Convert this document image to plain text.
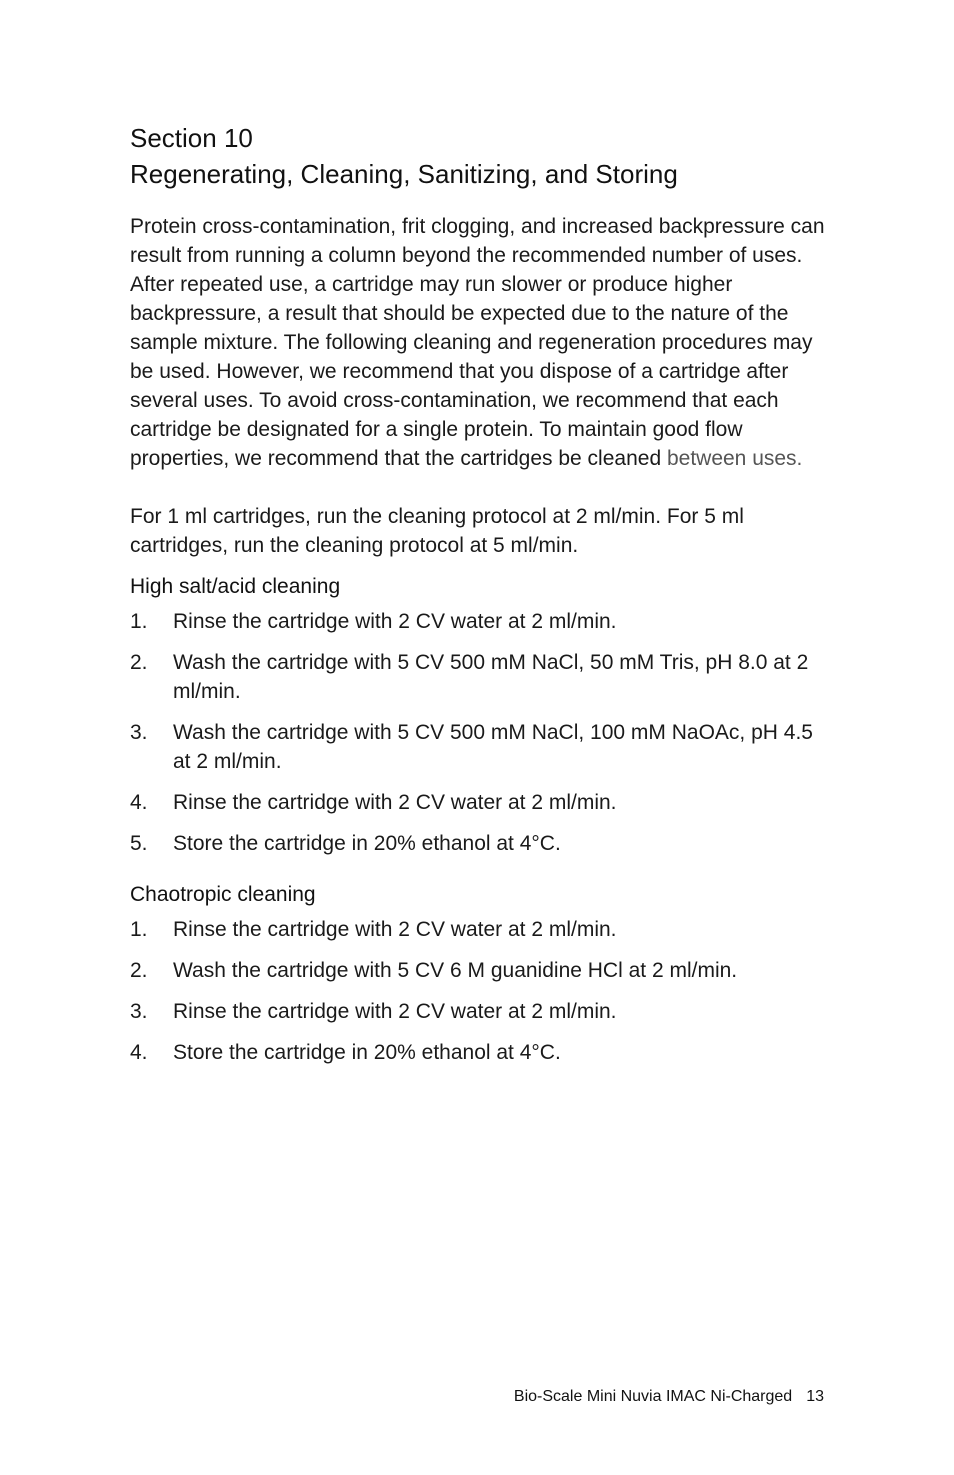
Section 10
Regenerating, Cleaning, Sanitizing, and Storing

Protein cross-contamination, frit clogging, and increased backpressure can result from running a column beyond the recommended number of uses. After repeated use, a cartridge may run slower or produce higher backpressure, a result that should be expected due to the nature of the sample mixture. The following cleaning and regeneration procedures may be used. However, we recommend that you dispose of a cartridge after several uses. To avoid cross-contamination, we recommend that each cartridge be designated for a single protein. To maintain good flow properties, we recommend that the cartridges be cleaned between uses.

For 1 ml cartridges, run the cleaning protocol at 2 ml/min. For 5 ml cartridges, run the cleaning protocol at 5 ml/min.

High salt/acid cleaning
1.	Rinse the cartridge with 2 CV water at 2 ml/min.
2.	Wash the cartridge with 5 CV 500 mM NaCl, 50 mM Tris, pH 8.0 at 2 ml/min.
3.	Wash the cartridge with 5 CV 500 mM NaCl, 100 mM NaOAc, pH 4.5 at 2 ml/min.
4.	Rinse the cartridge with 2 CV water at 2 ml/min.
5.	Store the cartridge in 20% ethanol at 4°C.
Chaotropic cleaning
1.	Rinse the cartridge with 2 CV water at 2 ml/min.
2.	Wash the cartridge with 5 CV 6 M guanidine HCl at 2 ml/min.
3.	Rinse the cartridge with 2 CV water at 2 ml/min.
4.	Store the cartridge in 20% ethanol at 4°C.
Bio-Scale Mini Nuvia IMAC Ni-Charged 13
